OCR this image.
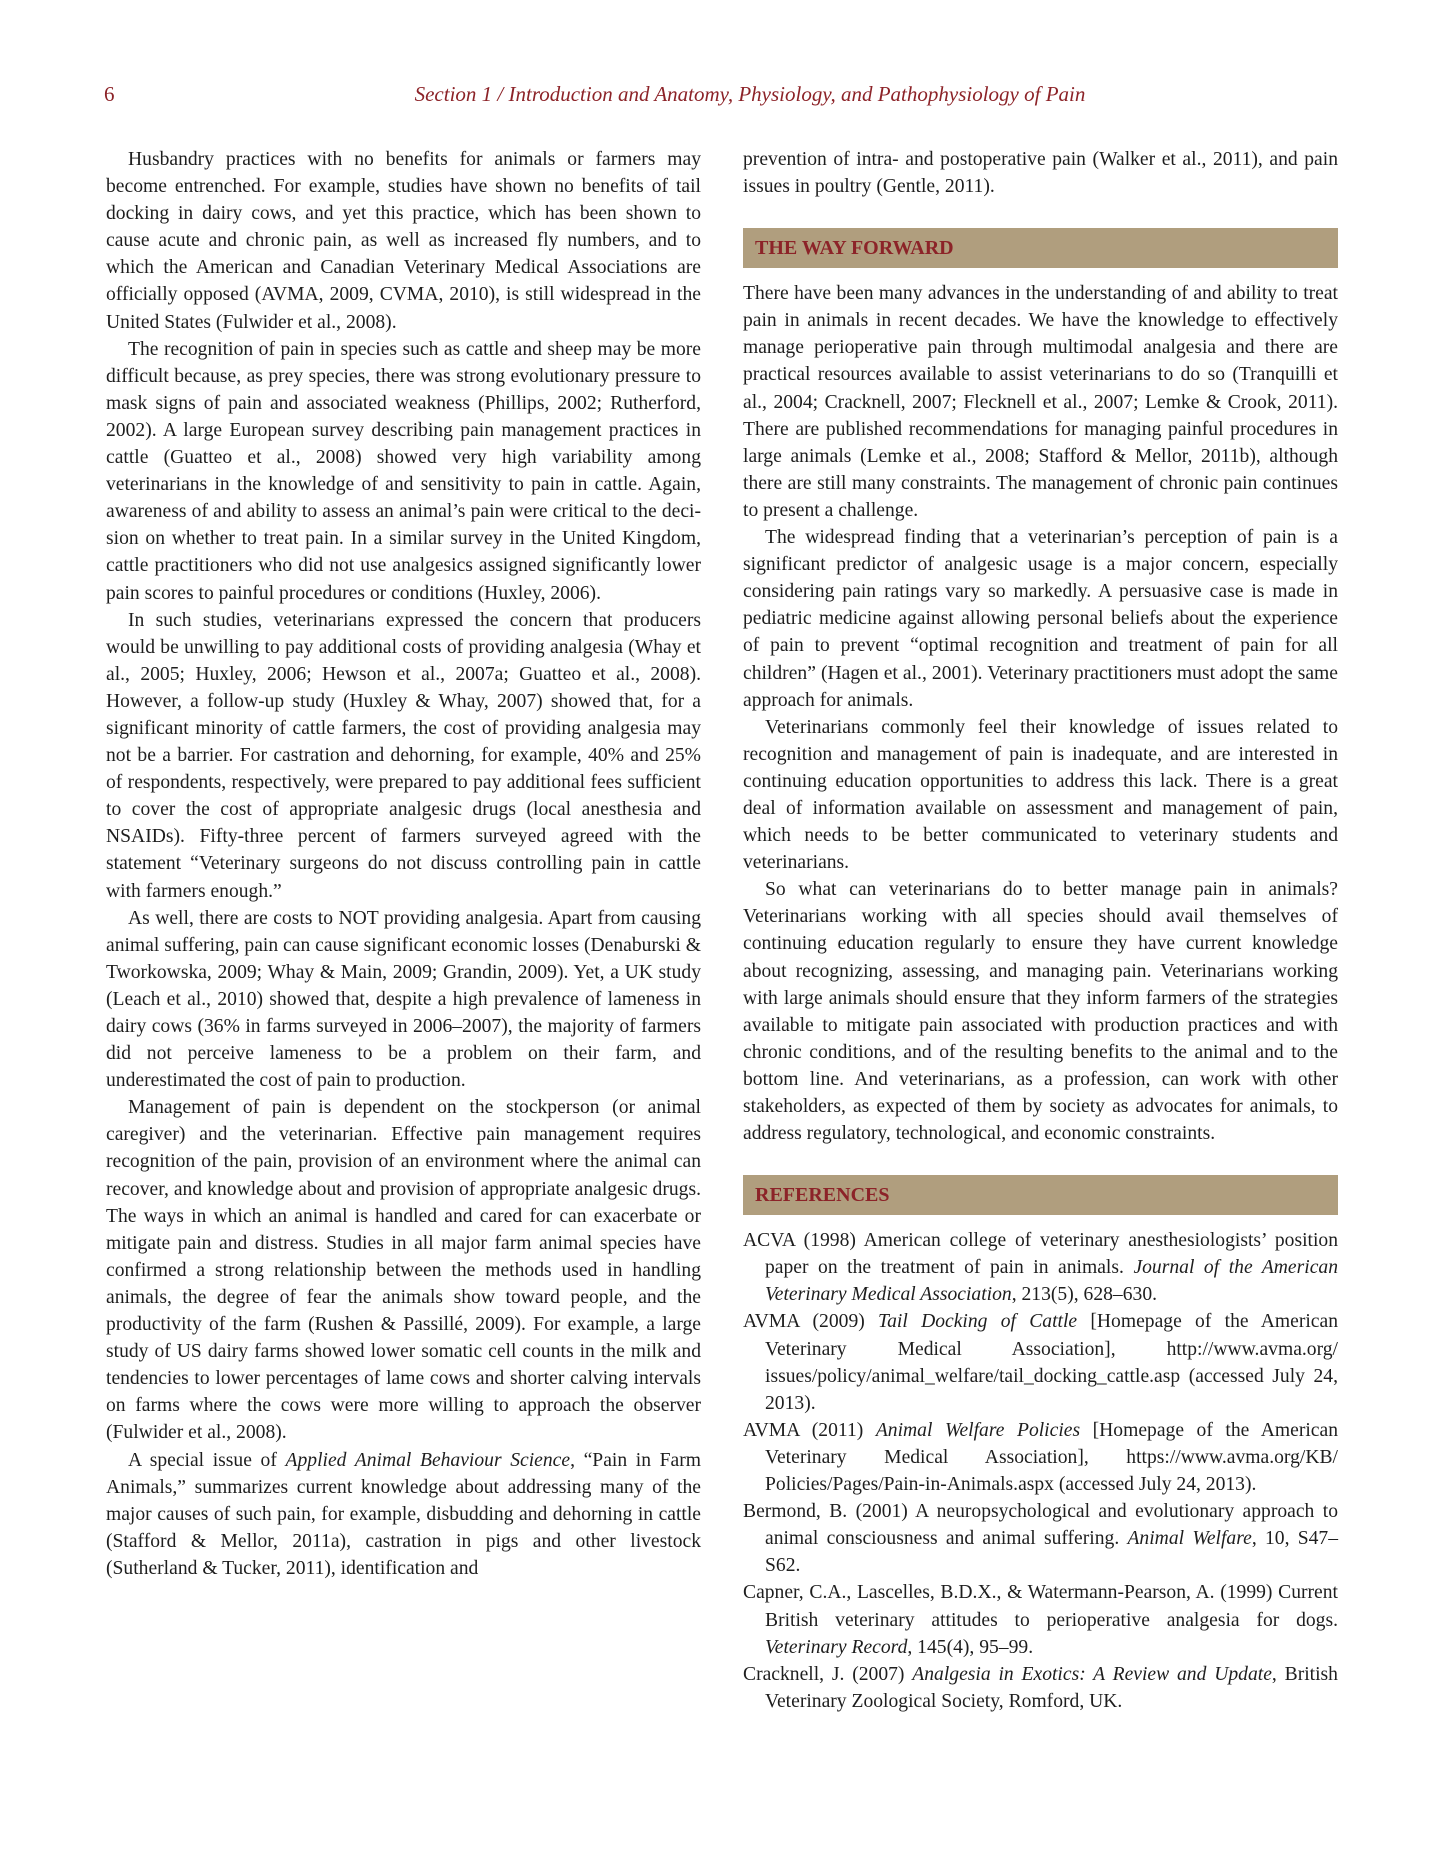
6	Section 1 / Introduction and Anatomy, Physiology, and Pathophysiology of Pain

Husbandry practices with no benefits for animals or farmers may become entrenched. For example, studies have shown no benefits of tail docking in dairy cows, and yet this practice, which has been shown to cause acute and chronic pain, as well as increased fly numbers, and to which the American and Canadian Veterinary Medical Associations are officially opposed (AVMA, 2009, CVMA, 2010), is still widespread in the United States (Fulwider et al., 2008).

The recognition of pain in species such as cattle and sheep may be more difficult because, as prey species, there was strong evolutionary pressure to mask signs of pain and associated weakness (Phillips, 2002; Rutherford, 2002). A large European survey describing pain management practices in cattle (Guatteo et al., 2008) showed very high variability among veterinarians in the knowledge of and sensitivity to pain in cattle. Again, awareness of and ability to assess an animal’s pain were critical to the decision on whether to treat pain. In a similar survey in the United Kingdom, cattle practitioners who did not use analgesics assigned significantly lower pain scores to painful procedures or conditions (Huxley, 2006).

In such studies, veterinarians expressed the concern that producers would be unwilling to pay additional costs of providing analgesia (Whay et al., 2005; Huxley, 2006; Hewson et al., 2007a; Guatteo et al., 2008). However, a follow-up study (Huxley & Whay, 2007) showed that, for a significant minority of cattle farmers, the cost of providing analgesia may not be a barrier. For castration and dehorning, for example, 40% and 25% of respondents, respectively, were prepared to pay additional fees sufficient to cover the cost of appropriate analgesic drugs (local anesthesia and NSAIDs). Fifty-three percent of farmers surveyed agreed with the statement “Veterinary surgeons do not discuss controlling pain in cattle with farmers enough.”

As well, there are costs to NOT providing analgesia. Apart from causing animal suffering, pain can cause significant economic losses (Denaburski & Tworkowska, 2009; Whay & Main, 2009; Grandin, 2009). Yet, a UK study (Leach et al., 2010) showed that, despite a high prevalence of lameness in dairy cows (36% in farms surveyed in 2006–2007), the majority of farmers did not perceive lameness to be a problem on their farm, and underestimated the cost of pain to production.

Management of pain is dependent on the stockperson (or animal caregiver) and the veterinarian. Effective pain management requires recognition of the pain, provision of an environment where the animal can recover, and knowledge about and provision of appropriate analgesic drugs. The ways in which an animal is handled and cared for can exacerbate or mitigate pain and distress. Studies in all major farm animal species have confirmed a strong relationship between the methods used in handling animals, the degree of fear the animals show toward people, and the productivity of the farm (Rushen & Passillé, 2009). For example, a large study of US dairy farms showed lower somatic cell counts in the milk and tendencies to lower percentages of lame cows and shorter calving intervals on farms where the cows were more willing to approach the observer (Fulwider et al., 2008).

A special issue of Applied Animal Behaviour Science, “Pain in Farm Animals,” summarizes current knowledge about addressing many of the major causes of such pain, for example, disbudding and dehorning in cattle (Stafford & Mellor, 2011a), castration in pigs and other livestock (Sutherland & Tucker, 2011), identification and

prevention of intra- and postoperative pain (Walker et al., 2011), and pain issues in poultry (Gentle, 2011).

THE WAY FORWARD

There have been many advances in the understanding of and ability to treat pain in animals in recent decades. We have the knowledge to effectively manage perioperative pain through multimodal analgesia and there are practical resources available to assist veterinarians to do so (Tranquilli et al., 2004; Cracknell, 2007; Flecknell et al., 2007; Lemke & Crook, 2011). There are published recommendations for managing painful procedures in large animals (Lemke et al., 2008; Stafford & Mellor, 2011b), although there are still many constraints. The management of chronic pain continues to present a challenge.

The widespread finding that a veterinarian’s perception of pain is a significant predictor of analgesic usage is a major concern, especially considering pain ratings vary so markedly. A persuasive case is made in pediatric medicine against allowing personal beliefs about the experience of pain to prevent “optimal recognition and treatment of pain for all children” (Hagen et al., 2001). Veterinary practitioners must adopt the same approach for animals.

Veterinarians commonly feel their knowledge of issues related to recognition and management of pain is inadequate, and are interested in continuing education opportunities to address this lack. There is a great deal of information available on assessment and management of pain, which needs to be better communicated to veterinary students and veterinarians.

So what can veterinarians do to better manage pain in animals? Veterinarians working with all species should avail themselves of continuing education regularly to ensure they have current knowledge about recognizing, assessing, and managing pain. Veterinarians working with large animals should ensure that they inform farmers of the strategies available to mitigate pain associated with production practices and with chronic conditions, and of the resulting benefits to the animal and to the bottom line. And veterinarians, as a profession, can work with other stakeholders, as expected of them by society as advocates for animals, to address regulatory, technological, and economic constraints.

REFERENCES
ACVA (1998) American college of veterinary anesthesiologists’ position paper on the treatment of pain in animals. Journal of the American Veterinary Medical Association, 213(5), 628–630.
AVMA (2009) Tail Docking of Cattle [Homepage of the American Veterinary Medical Association], http://www.avma.org/ issues/policy/animal_welfare/tail_docking_cattle.asp (accessed July 24, 2013).
AVMA (2011) Animal Welfare Policies [Homepage of the American Veterinary Medical Association], https://www.avma.org/KB/ Policies/Pages/Pain-in-Animals.aspx (accessed July 24, 2013).
Bermond, B. (2001) A neuropsychological and evolutionary approach to animal consciousness and animal suffering. Animal Welfare, 10, S47–S62.
Capner, C.A., Lascelles, B.D.X., & Watermann-Pearson, A. (1999) Current British veterinary attitudes to perioperative analgesia for dogs. Veterinary Record, 145(4), 95–99.
Cracknell, J. (2007) Analgesia in Exotics: A Review and Update, British Veterinary Zoological Society, Romford, UK.
